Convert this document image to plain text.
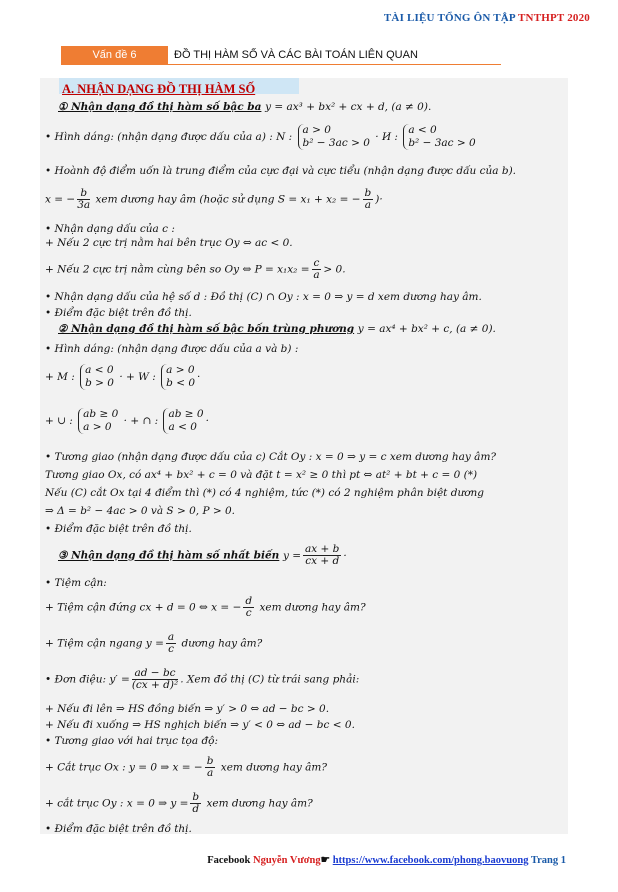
TÀI LIỆU TỔNG ÔN TẬP TNTHPT 2020
Vấn đề 6	ĐỒ THỊ HÀM SỐ VÀ CÁC BÀI TOÁN LIÊN QUAN
A. NHẬN DẠNG ĐỒ THỊ HÀM SỐ
① Nhận dạng đồ thị hàm số bậc ba y = ax³ + bx² + cx + d, (a ≠ 0).
• Hình dáng: (nhận dạng được dấu của a) : N :
a > 0
b² − 3ac > 0 · И :
a < 0
b² − 3ac > 0
• Hoành độ điểm uốn là trung điểm của cực đại và cực tiểu (nhận dạng được dấu của b).
x = − $\frac{b}{3a}$ xem dương hay âm (hoặc sử dụng S = x₁ + x₂ = − $\frac{b}{a}$ )·
• Nhận dạng dấu của c :
+ Nếu 2 cực trị nằm hai bên trục Oy ⇔ ac < 0.
+ Nếu 2 cực trị nằm cùng bên so Oy ⇔ $P = x_1x_2 = \frac{c}{a} > 0$.
• Nhận dạng dấu của hệ số d : Đồ thị (C) ∩ Oy : x = 0 ⇒ y = d xem dương hay âm.
• Điểm đặc biệt trên đồ thị.
② Nhận dạng đồ thị hàm số bậc bốn trùng phương y = ax⁴ + bx² + c, (a ≠ 0).
• Hình dáng: (nhận dạng được dấu của a và b) :
+ M :
a < 0
b > 0 · + W :
a > 0
b < 0 ·
+ ∪ :
ab ≥ 0
a > 0	· + ∩ :
ab ≥ 0
a < 0 ·
• Tương giao (nhận dạng được dấu của c) Cắt Oy : x = 0 ⇒ y = c xem dương hay âm?
Tương giao Ox, có ax⁴ + bx² + c = 0 và đặt t = x² ≥ 0 thì pt ⇔ at² + bt + c = 0 (*)
Nếu (C) cắt Ox tại 4 điểm thì (*) có 4 nghiệm, tức (*) có 2 nghiệm phân biệt dương
⇒ Δ = b² − 4ac > 0 và S > 0, P > 0.
• Điểm đặc biệt trên đồ thị.
③ Nhận dạng đồ thị hàm số nhất biến $y = \frac{ax + b}{cx + d}$ ·
• Tiệm cận:
+ Tiệm cận đứng cx + d = 0 ⇔ x = − $\frac{d}{c}$ xem dương hay âm?
+ Tiệm cận ngang $y = \frac{a}{c}$ dương hay âm?
• Đơn điệu: $y' = \frac{ad - bc}{\text{(cx + d)²}}$ . Xem đồ thị (C) từ trái sang phải:
+ Nếu đi lên ⇒ HS đồng biến ⇒ y′ > 0 ⇔ ad − bc > 0.
+ Nếu đi xuống ⇒ HS nghịch biến ⇒ y′ < 0 ⇔ ad − bc < 0.
• Tương giao với hai trục tọa độ:
+ Cắt trục Ox : y = 0 ⇒ x = − $\frac{b}{a}$ xem dương hay âm?
+ cắt trục Oy : x = 0 ⇒ $y = \frac{b}{d}$ xem dương hay âm?
• Điểm đặc biệt trên đồ thị.
Facebook Nguyễn Vương☛ https://www.facebook.com/phong.baovuong Trang 1
